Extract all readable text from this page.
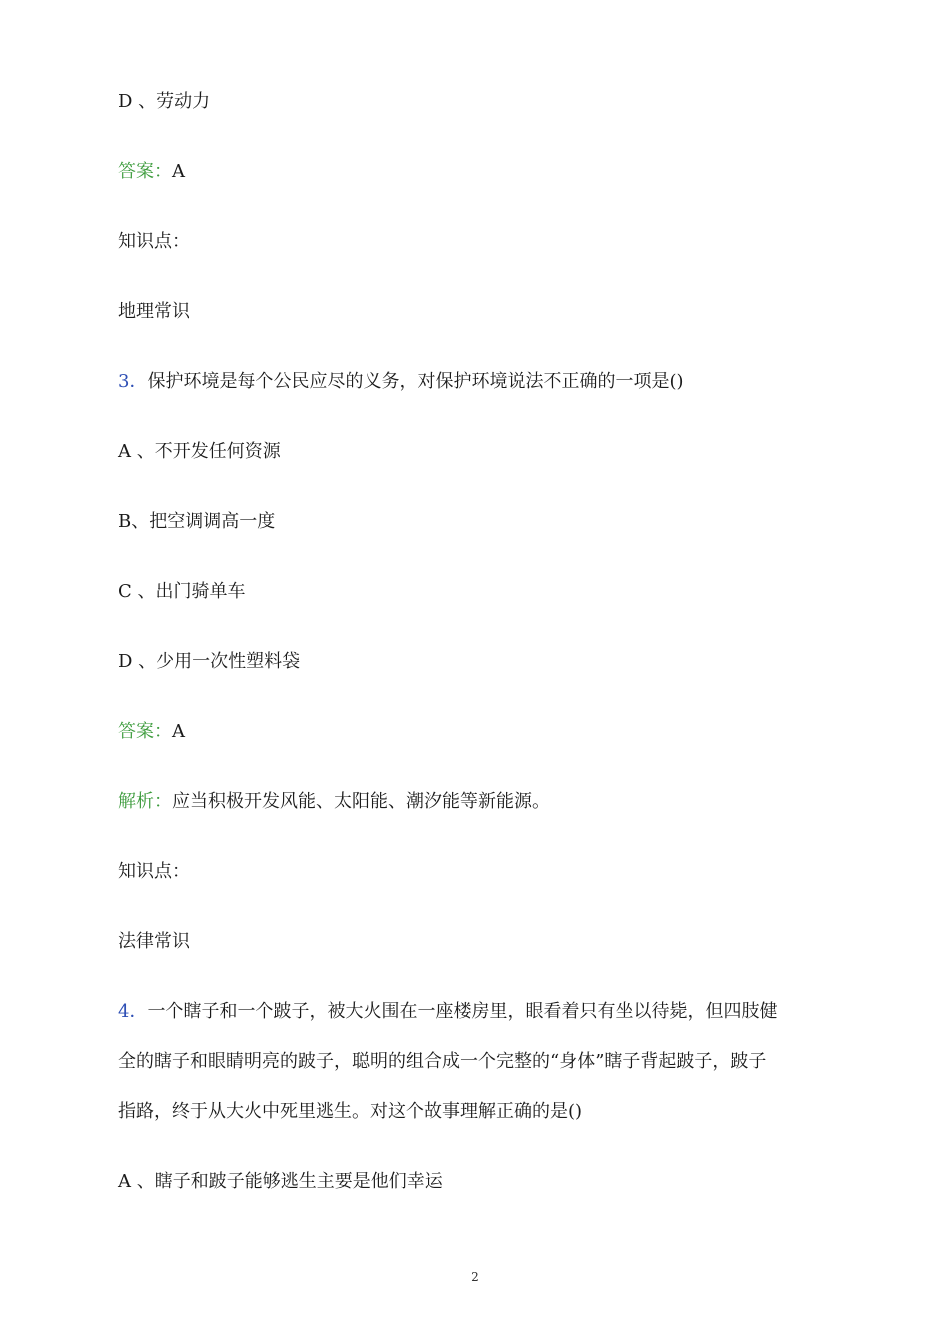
D 、劳动力
答案：A
知识点：
地理常识
3．保护环境是每个公民应尽的义务，对保护环境说法不正确的一项是()
A 、不开发任何资源
B、把空调调高一度
C 、出门骑单车
D 、少用一次性塑料袋
答案：A
解析：应当积极开发风能、太阳能、潮汐能等新能源。
知识点：
法律常识
4．一个瞎子和一个跛子，被大火围在一座楼房里，眼看着只有坐以待毙，但四肢健
全的瞎子和眼睛明亮的跛子，聪明的组合成一个完整的“身体”瞎子背起跛子，跛子
指路，终于从大火中死里逃生。对这个故事理解正确的是()
A 、瞎子和跛子能够逃生主要是他们幸运
2
